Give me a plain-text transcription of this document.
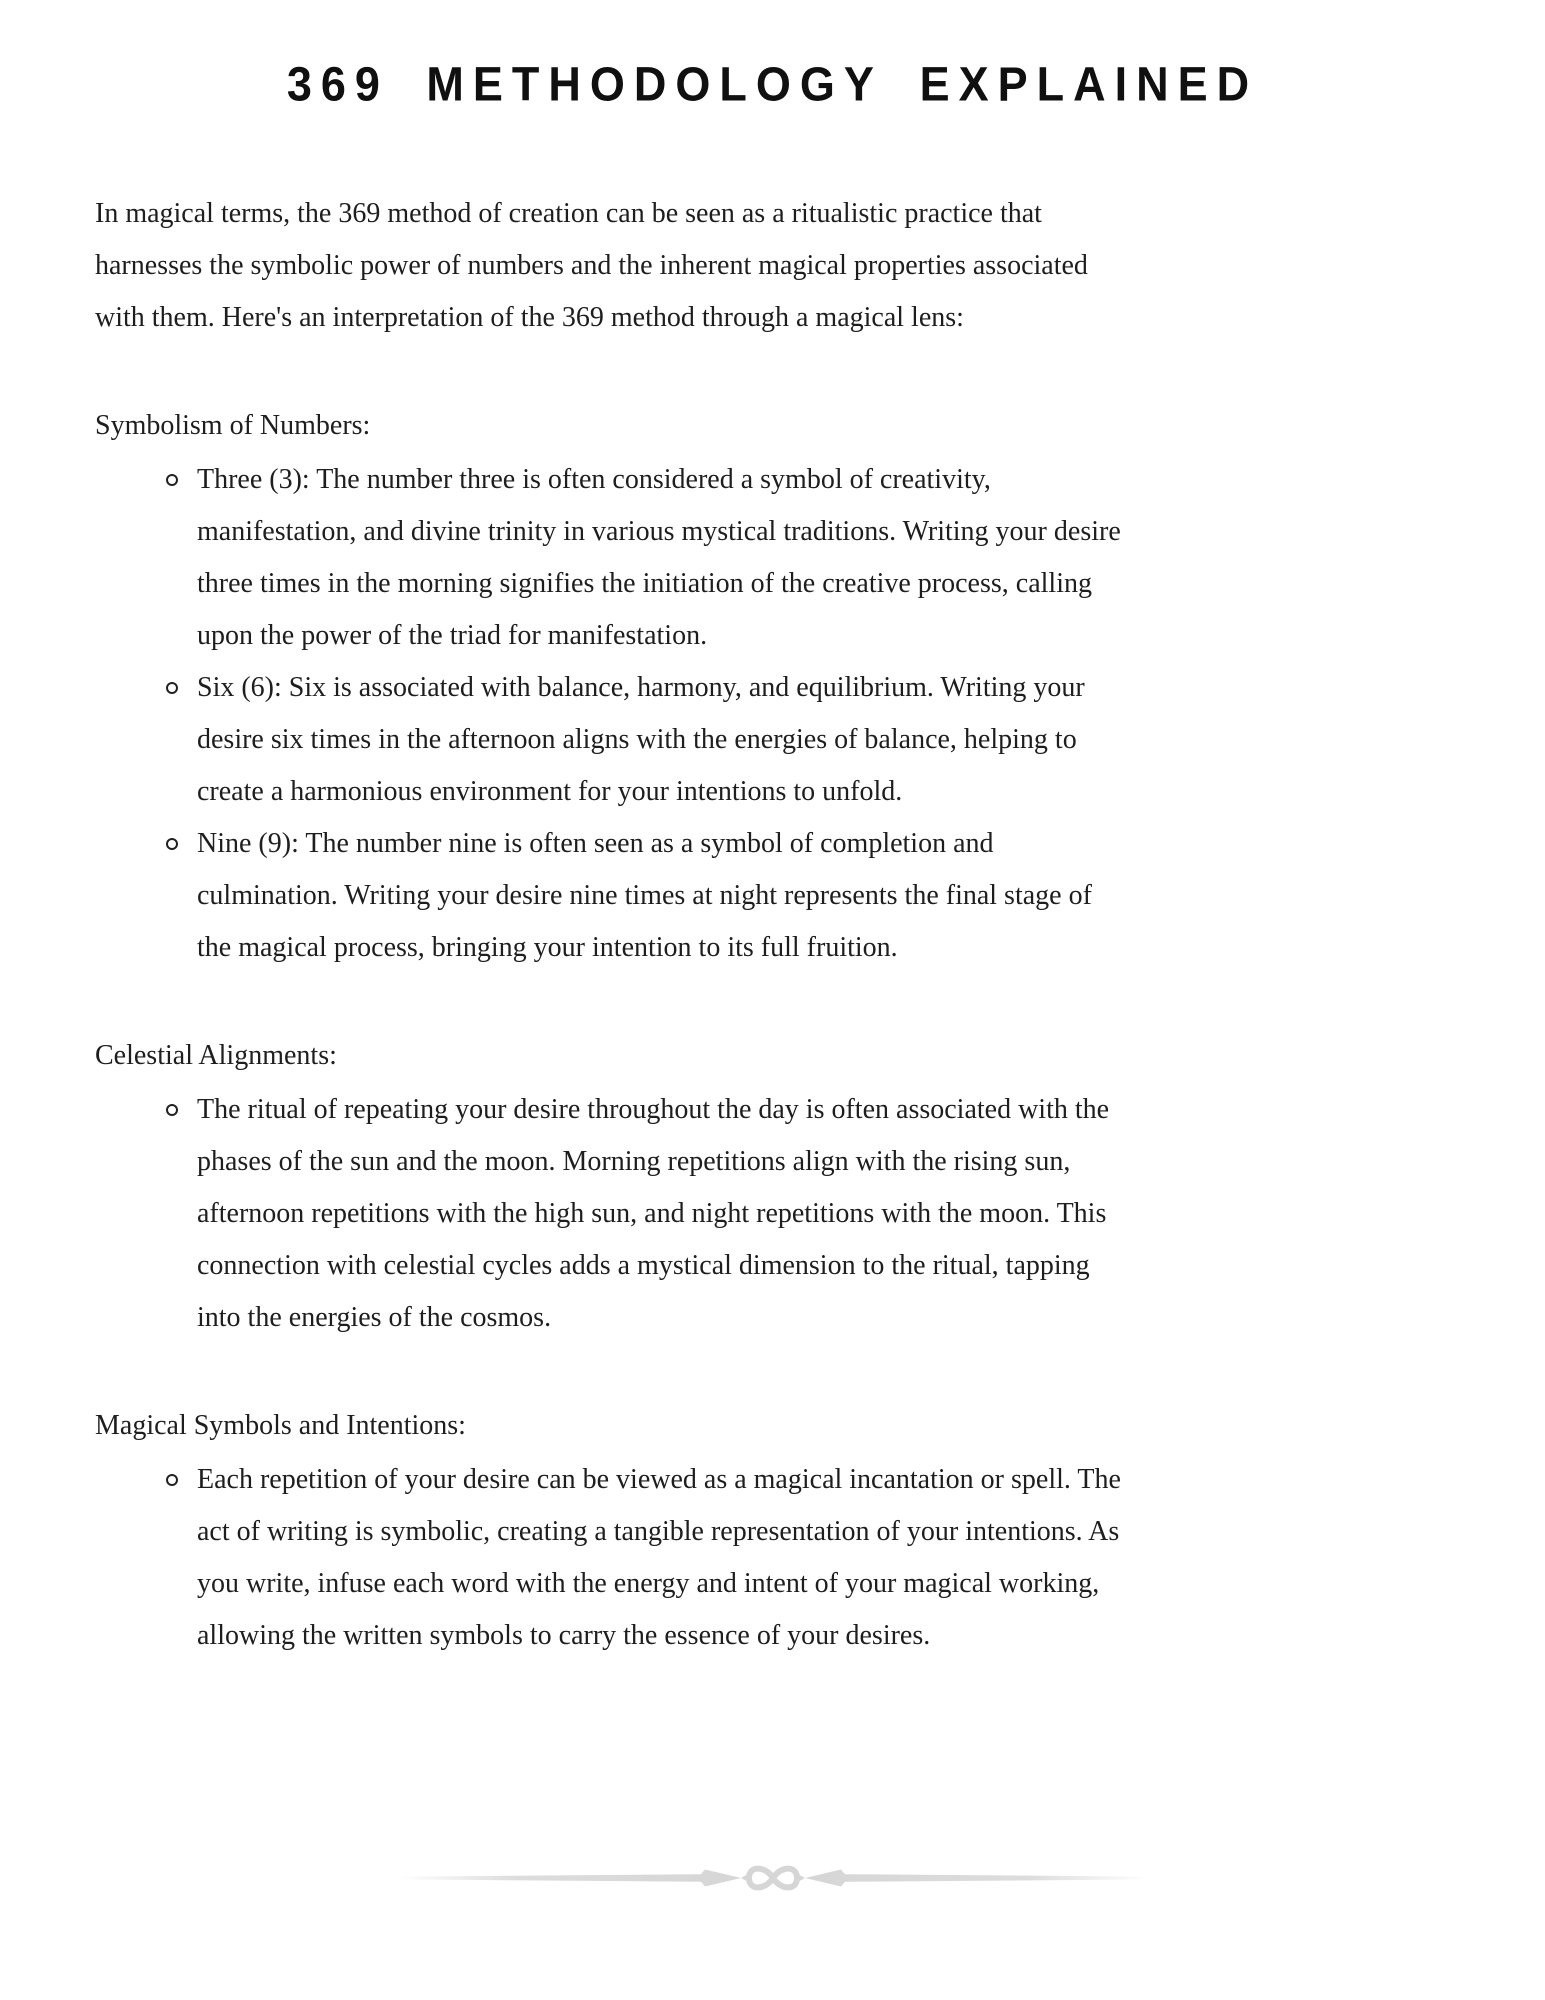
369 METHODOLOGY EXPLAINED

In magical terms, the 369 method of creation can be seen as a ritualistic practice that harnesses the symbolic power of numbers and the inherent magical properties associated with them. Here's an interpretation of the 369 method through a magical lens:

Symbolism of Numbers:
Three (3): The number three is often considered a symbol of creativity, manifestation, and divine trinity in various mystical traditions. Writing your desire three times in the morning signifies the initiation of the creative process, calling upon the power of the triad for manifestation.
Six (6): Six is associated with balance, harmony, and equilibrium. Writing your desire six times in the afternoon aligns with the energies of balance, helping to create a harmonious environment for your intentions to unfold.
Nine (9): The number nine is often seen as a symbol of completion and culmination. Writing your desire nine times at night represents the final stage of the magical process, bringing your intention to its full fruition.
Celestial Alignments:
The ritual of repeating your desire throughout the day is often associated with the phases of the sun and the moon. Morning repetitions align with the rising sun, afternoon repetitions with the high sun, and night repetitions with the moon. This connection with celestial cycles adds a mystical dimension to the ritual, tapping into the energies of the cosmos.
Magical Symbols and Intentions:
Each repetition of your desire can be viewed as a magical incantation or spell. The act of writing is symbolic, creating a tangible representation of your intentions. As you write, infuse each word with the energy and intent of your magical working, allowing the written symbols to carry the essence of your desires.
